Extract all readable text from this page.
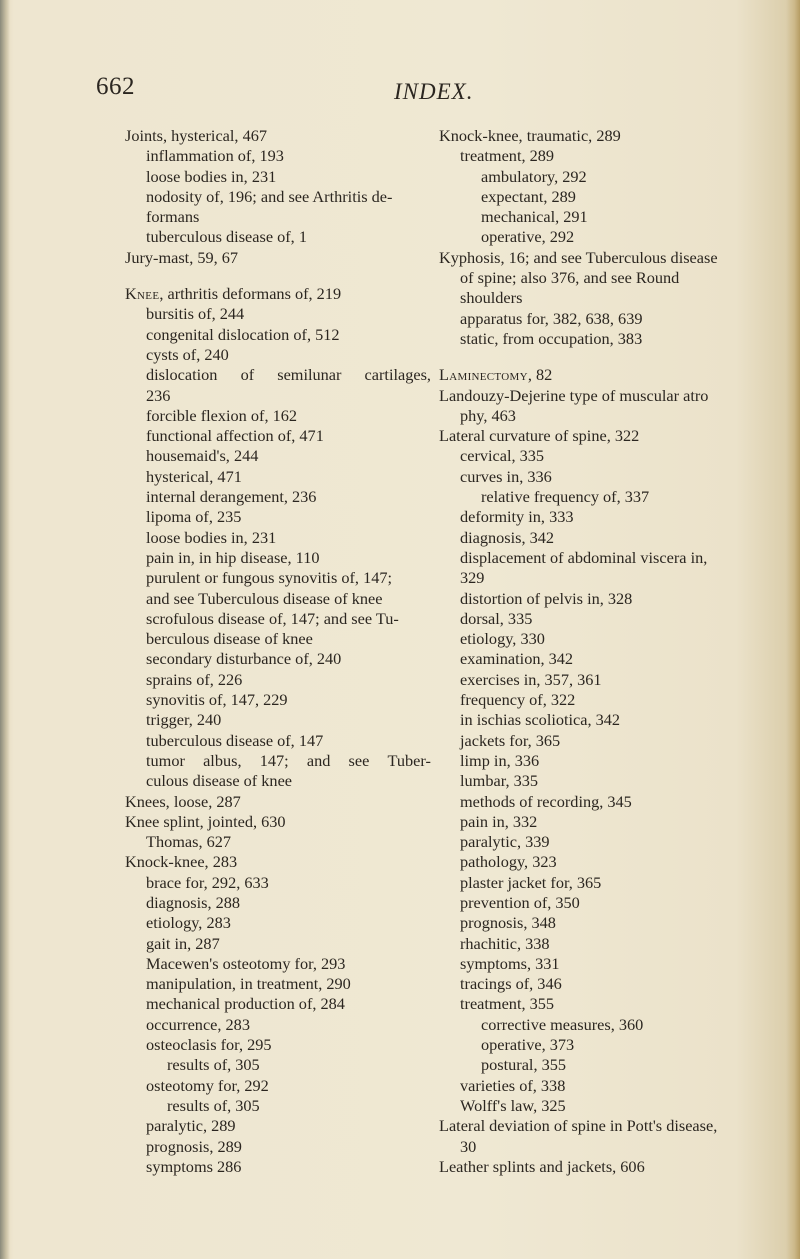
662	INDEX.
Joints, hysterical, 467
inflammation of, 193
loose bodies in, 231
nodosity of, 196; and see Arthritis de-
formans
tuberculous disease of, 1
Jury-mast, 59, 67
Knee, arthritis deformans of, 219
bursitis of, 244
congenital dislocation of, 512
cysts of, 240
dislocation of semilunar cartilages,
236
forcible flexion of, 162
functional affection of, 471
housemaid's, 244
hysterical, 471
internal derangement, 236
lipoma of, 235
loose bodies in, 231
pain in, in hip disease, 110
purulent or fungous synovitis of, 147;
and see Tuberculous disease of knee
scrofulous disease of, 147; and see Tu-
berculous disease of knee
secondary disturbance of, 240
sprains of, 226
synovitis of, 147, 229
trigger, 240
tuberculous disease of, 147
tumor albus, 147; and see Tuber-
culous disease of knee
Knees, loose, 287
Knee splint, jointed, 630
Thomas, 627
Knock-knee, 283
brace for, 292, 633
diagnosis, 288
etiology, 283
gait in, 287
Macewen's osteotomy for, 293
manipulation, in treatment, 290
mechanical production of, 284
occurrence, 283
osteoclasis for, 295
results of, 305
osteotomy for, 292
results of, 305
paralytic, 289
prognosis, 289
symptoms 286
Knock-knee, traumatic, 289
treatment, 289
ambulatory, 292
expectant, 289
mechanical, 291
operative, 292
Kyphosis, 16; and see Tuberculous disease
of spine; also 376, and see Round
shoulders
apparatus for, 382, 638, 639
static, from occupation, 383
Laminectomy, 82
Landouzy-Dejerine type of muscular atro
phy, 463
Lateral curvature of spine, 322
cervical, 335
curves in, 336
relative frequency of, 337
deformity in, 333
diagnosis, 342
displacement of abdominal viscera in,
329
distortion of pelvis in, 328
dorsal, 335
etiology, 330
examination, 342
exercises in, 357, 361
frequency of, 322
in ischias scoliotica, 342
jackets for, 365
limp in, 336
lumbar, 335
methods of recording, 345
pain in, 332
paralytic, 339
pathology, 323
plaster jacket for, 365
prevention of, 350
prognosis, 348
rhachitic, 338
symptoms, 331
tracings of, 346
treatment, 355
corrective measures, 360
operative, 373
postural, 355
varieties of, 338
Wolff's law, 325
Lateral deviation of spine in Pott's disease,
30
Leather splints and jackets, 606
